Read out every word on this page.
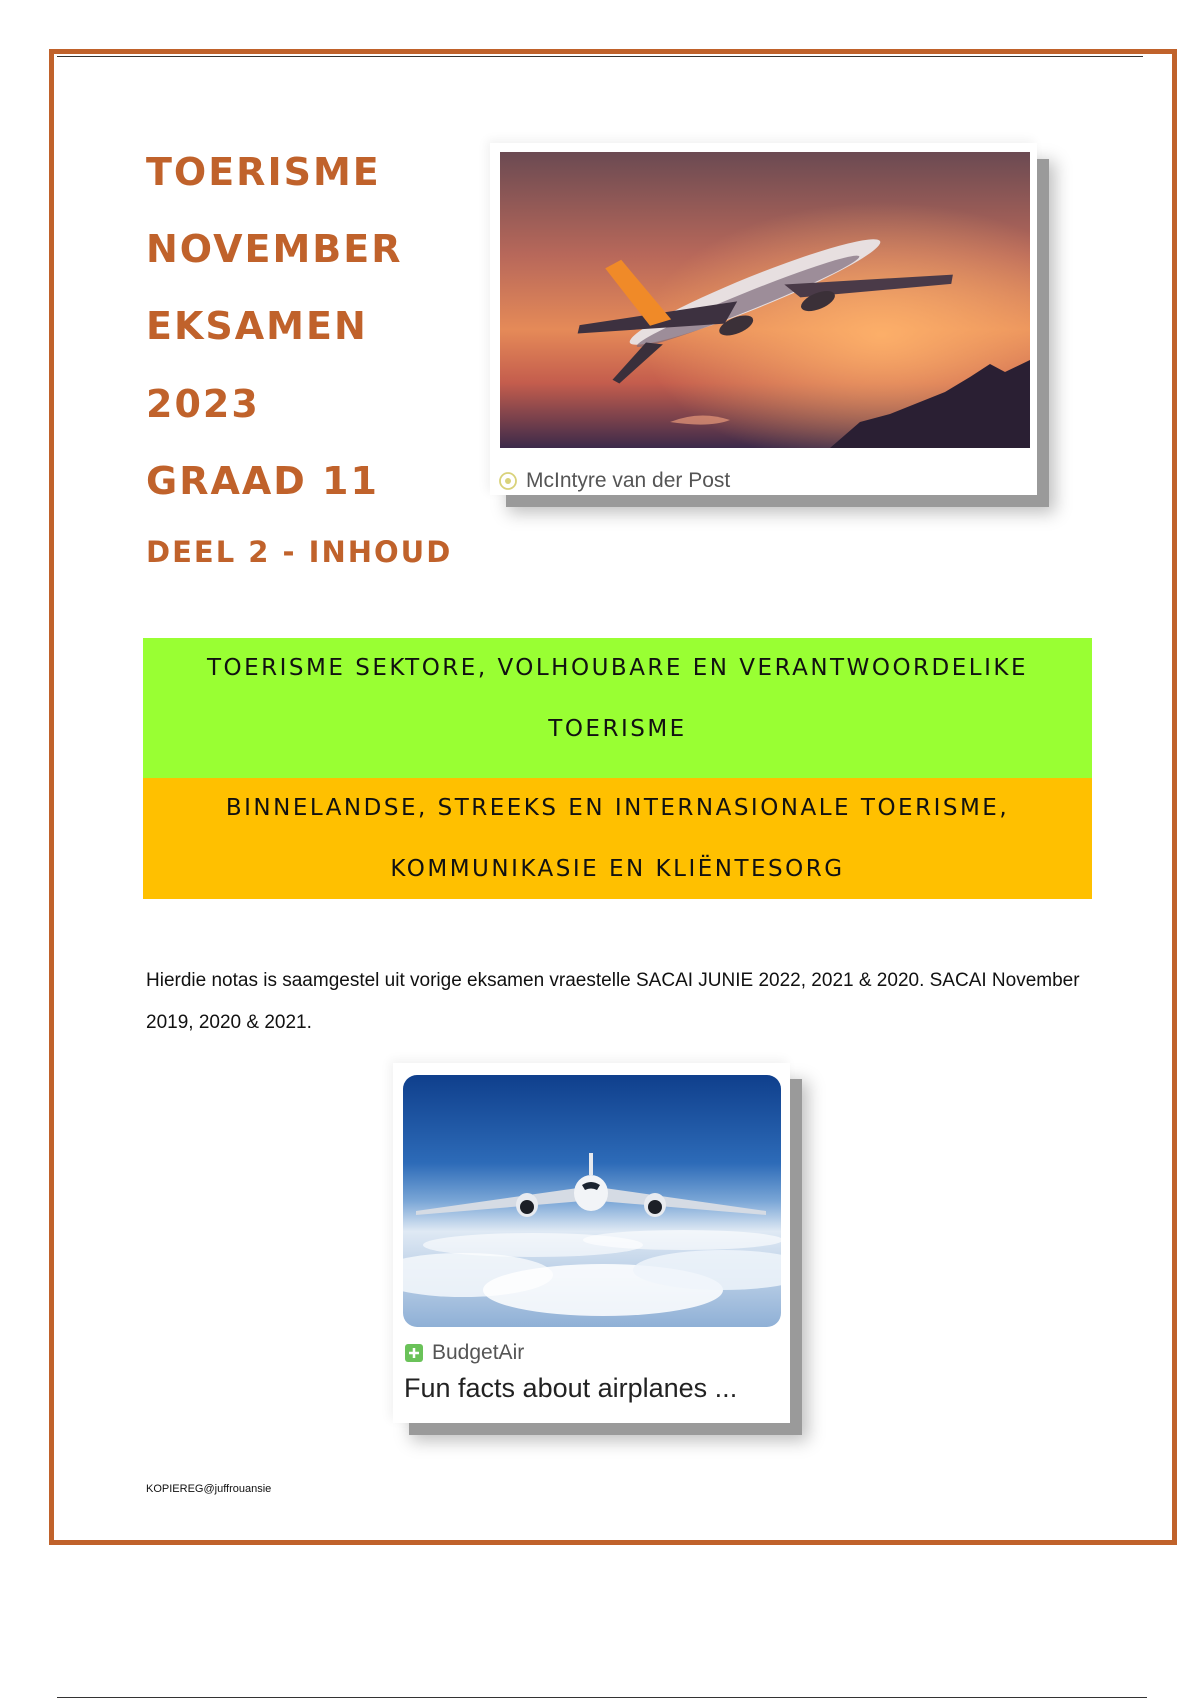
TOERISME
NOVEMBER
EKSAMEN
2023
GRAAD 11
DEEL 2 - INHOUD
McIntyre van der Post
TOERISME SEKTORE, VOLHOUBARE EN VERANTWOORDELIKE
TOERISME
BINNELANDSE, STREEKS EN INTERNASIONALE TOERISME,
KOMMUNIKASIE EN KLIËNTESORG

Hierdie notas is saamgestel uit vorige eksamen vraestelle SACAI JUNIE 2022, 2021 & 2020. SACAI November 2019, 2020 & 2021.

BudgetAir
Fun facts about airplanes ...

KOPIEREG@juffrouansie
